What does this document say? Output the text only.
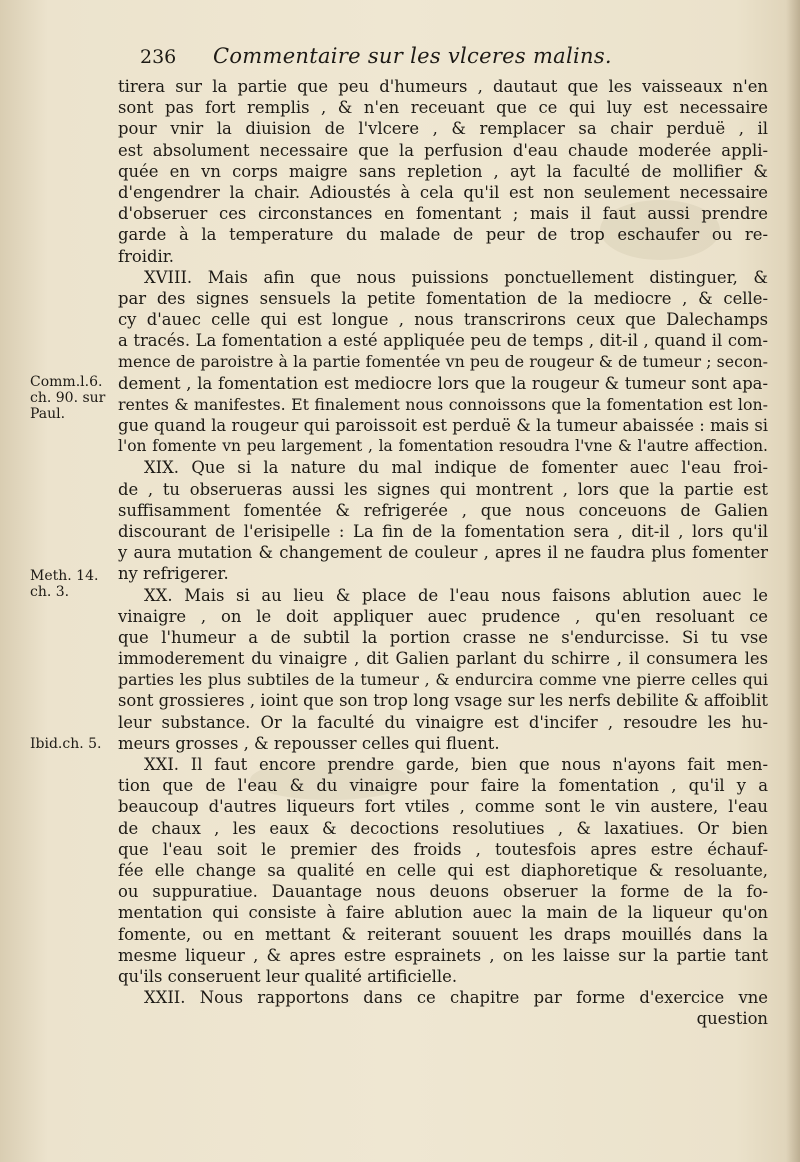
236 Commentaire sur les vlceres malins.
Comm.l.6. ch. 90. sur Paul.
Meth. 14. ch. 3.
Ibid.ch. 5.
tirera sur la partie que peu d'humeurs , dautaut que les vaisseaux n'en
sont pas fort remplis , & n'en receuant que ce qui luy est necessaire
pour vnir la diuision de l'vlcere , & remplacer sa chair perduë , il
est absolument necessaire que la perfusion d'eau chaude moderée appli-
quée en vn corps maigre sans repletion , ayt la faculté de mollifier &
d'engendrer la chair. Adioustés à cela qu'il est non seulement necessaire
d'obseruer ces circonstances en fomentant ; mais il faut aussi prendre
garde à la temperature du malade de peur de trop eschaufer ou re-
froidir.
XVIII. Mais afin que nous puissions ponctuellement distinguer, &
par des signes sensuels la petite fomentation de la mediocre , & celle-
cy d'auec celle qui est longue , nous transcrirons ceux que Dalechamps
a tracés. La fomentation a esté appliquée peu de temps , dit-il , quand il com-
mence de paroistre à la partie fomentée vn peu de rougeur & de tumeur ; secon-
dement , la fomentation est mediocre lors que la rougeur & tumeur sont apa-
rentes & manifestes. Et finalement nous connoissons que la fomentation est lon-
gue quand la rougeur qui paroissoit est perduë & la tumeur abaissée : mais si
l'on fomente vn peu largement , la fomentation resoudra l'vne & l'autre affection.
XIX. Que si la nature du mal indique de fomenter auec l'eau froi-
de , tu obserueras aussi les signes qui montrent , lors que la partie est
suffisamment fomentée & refrigerée , que nous conceuons de Galien
discourant de l'erisipelle : La fin de la fomentation sera , dit-il , lors qu'il
y aura mutation & changement de couleur , apres il ne faudra plus fomenter
ny refrigerer.
XX. Mais si au lieu & place de l'eau nous faisons ablution auec le
vinaigre , on le doit appliquer auec prudence , qu'en resoluant ce
que l'humeur a de subtil la portion crasse ne s'endurcisse. Si tu vse
immoderement du vinaigre , dit Galien parlant du schirre , il consumera les
parties les plus subtiles de la tumeur , & endurcira comme vne pierre celles qui
sont grossieres , ioint que son trop long vsage sur les nerfs debilite & affoiblit
leur substance. Or la faculté du vinaigre est d'incifer , resoudre les hu-
meurs grosses , & repousser celles qui fluent.
XXI. Il faut encore prendre garde, bien que nous n'ayons fait men-
tion que de l'eau & du vinaigre pour faire la fomentation , qu'il y a
beaucoup d'autres liqueurs fort vtiles , comme sont le vin austere, l'eau
de chaux , les eaux & decoctions resolutiues , & laxatiues. Or bien
que l'eau soit le premier des froids , toutesfois apres estre échauf-
fée elle change sa qualité en celle qui est diaphoretique & resoluante,
ou suppuratiue. Dauantage nous deuons obseruer la forme de la fo-
mentation qui consiste à faire ablution auec la main de la liqueur qu'on
fomente, ou en mettant & reiterant souuent les draps mouillés dans la
mesme liqueur , & apres estre esprainets , on les laisse sur la partie tant
qu'ils conseruent leur qualité artificielle.
XXII. Nous rapportons dans ce chapitre par forme d'exercice vne
question
